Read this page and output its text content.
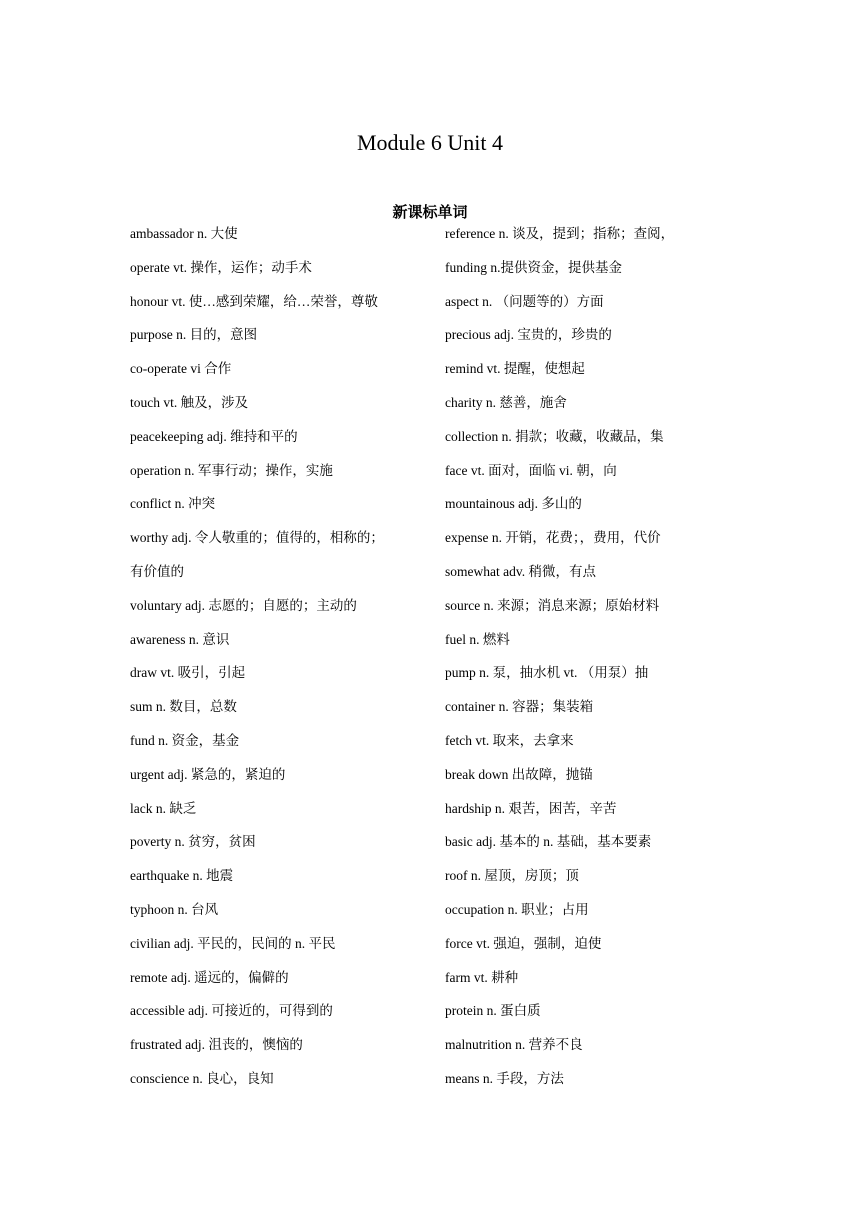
Module 6 Unit 4
新课标单词
ambassador n. 大使
operate vt. 操作，运作；动手术
honour vt. 使…感到荣耀，给…荣誉，尊敬
purpose n. 目的，意图
co-operate vi 合作
touch vt. 触及，涉及
peacekeeping adj. 维持和平的
operation n. 军事行动；操作，实施
conflict n. 冲突
worthy adj. 令人敬重的；值得的，相称的；
有价值的
voluntary adj. 志愿的；自愿的；主动的
awareness n. 意识
draw vt. 吸引，引起
sum n. 数目，总数
fund n. 资金，基金
urgent adj. 紧急的，紧迫的
lack n. 缺乏
poverty n. 贫穷，贫困
earthquake n. 地震
typhoon n. 台风
civilian adj. 平民的，民间的 n. 平民
remote adj. 遥远的，偏僻的
accessible adj. 可接近的，可得到的
frustrated adj. 沮丧的，懊恼的
conscience n. 良心，良知
reference n. 谈及，提到；指称；查阅，
funding n.提供资金，提供基金
aspect n. （问题等的）方面
precious adj. 宝贵的，珍贵的
remind vt. 提醒，使想起
charity n. 慈善，施舍
collection n. 捐款；收藏，收藏品，集
face vt. 面对，面临 vi. 朝，向
mountainous adj. 多山的
expense n. 开销，花费；，费用，代价
somewhat adv. 稍微，有点
source n. 来源；消息来源；原始材料
fuel n. 燃料
pump n. 泵，抽水机 vt. （用泵）抽
container n. 容器；集装箱
fetch vt. 取来，去拿来
break down 出故障，抛锚
hardship n. 艰苦，困苦，辛苦
basic adj. 基本的 n. 基础，基本要素
roof n. 屋顶，房顶；顶
occupation n. 职业；占用
force vt. 强迫，强制，迫使
farm vt. 耕种
protein n. 蛋白质
malnutrition n. 营养不良
means n. 手段，方法
